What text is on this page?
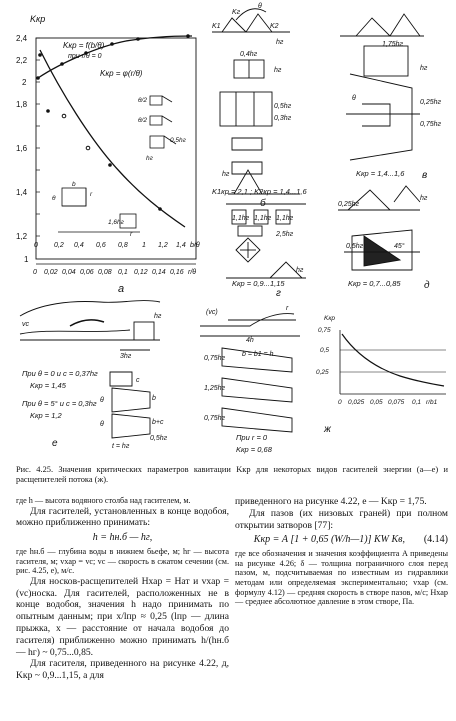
Kкр
2,4
2,2
2
1,8
1,6
1,4
1,2
1
Kкр = f(b/θ)
при r/θ = 0
Kкр = φ(r/θ)
θ/2
θ/2
0,5hг
hг
b
θ
1,6hг
r
r
0 0,2 0,4 0,6 0,8 1 1,2 1,4 b/θ
0 0,02 0,04 0,06 0,08 0,1 0,12 0,14 0,16 r/θ
а
Kг
K1	K2
θ
hг
0,4hг
0,5hг
hг
0,3hг
K1кр = 2,1 ; K2кр = 1,4...1,6
б
1,75hг
θ
hг
0,25hг
0,75hг
Kкр = 1,4...1,6 в
hг
1,1hг 1,1hг 1,1hг
2,5hг
hг
Kкр = 0,9...1,15
г
0,25hг
hг
0,5hг	45°
Kкр = 0,7...0,85 д
vс
hг
3hг
c
θ
θ
b
b+c
t = hг
0,5hг
При θ = 0 и c = 0,37hг
Kкр = 1,45
При θ = 5° и c = 0,3hг
Kкр = 1,2
е
(vс)
4h
b = b1 = h
r
0,75hг
1,25hг
0,75hг
При r = 0
Kкр = 0,68
ж
Kкр
0,75
0,5
0,25
0 0,025 0,05 0,075 0,1 r/b1
Рис. 4.25. Значения критических параметров кавитации Kкр для некоторых видов гасителей энергии (а—е) и расщепителей потока (ж).

где h — высота водяного столба над гасителем, м.

Для гасителей, установленных в конце водобоя, можно приближенно принимать:

h = hн.б — hг,

где hн.б — глубина воды в нижнем бьефе, м; hг — высота гасителя, м; vхар = vс; vс — скорость в сжатом сечении (см. рис. 4.25, е), м/с.

Для носков-расщепителей Hхар = Hат и vхар = (vс)носка. Для гасителей, расположенных не в конце водобоя, значения h надо принимать по опытным данным; при x/lпр ≈ 0,25 (lпр — длина прыжка, x — расстояние от начала водобоя до гасителя) приближенно можно принимать h/(hн.б — hг) ~ 0,75...0,85.

Для гасителя, приведенного на рисунке 4.22, д, Kкр ~ 0,9...1,15, а для

приведенного на рисунке 4.22, е — Kкр = 1,75.

Для пазов (их низовых граней) при полном открытии затворов [77]:

Kкр = A [1 + 0,65 (W/h—1)] KW Kв, (4.14)

где все обозначения и значения коэффициента A приведены на рисунке 4.26; δ — толщина пограничного слоя перед пазом, м, подсчитываемая по известным из гидравлики методам или определяемая экспериментально; vхар (см. формулу 4.12) — средняя скорость в створе пазов, м/с; Hхар — среднее абсолютное давление в этом створе, Па.
